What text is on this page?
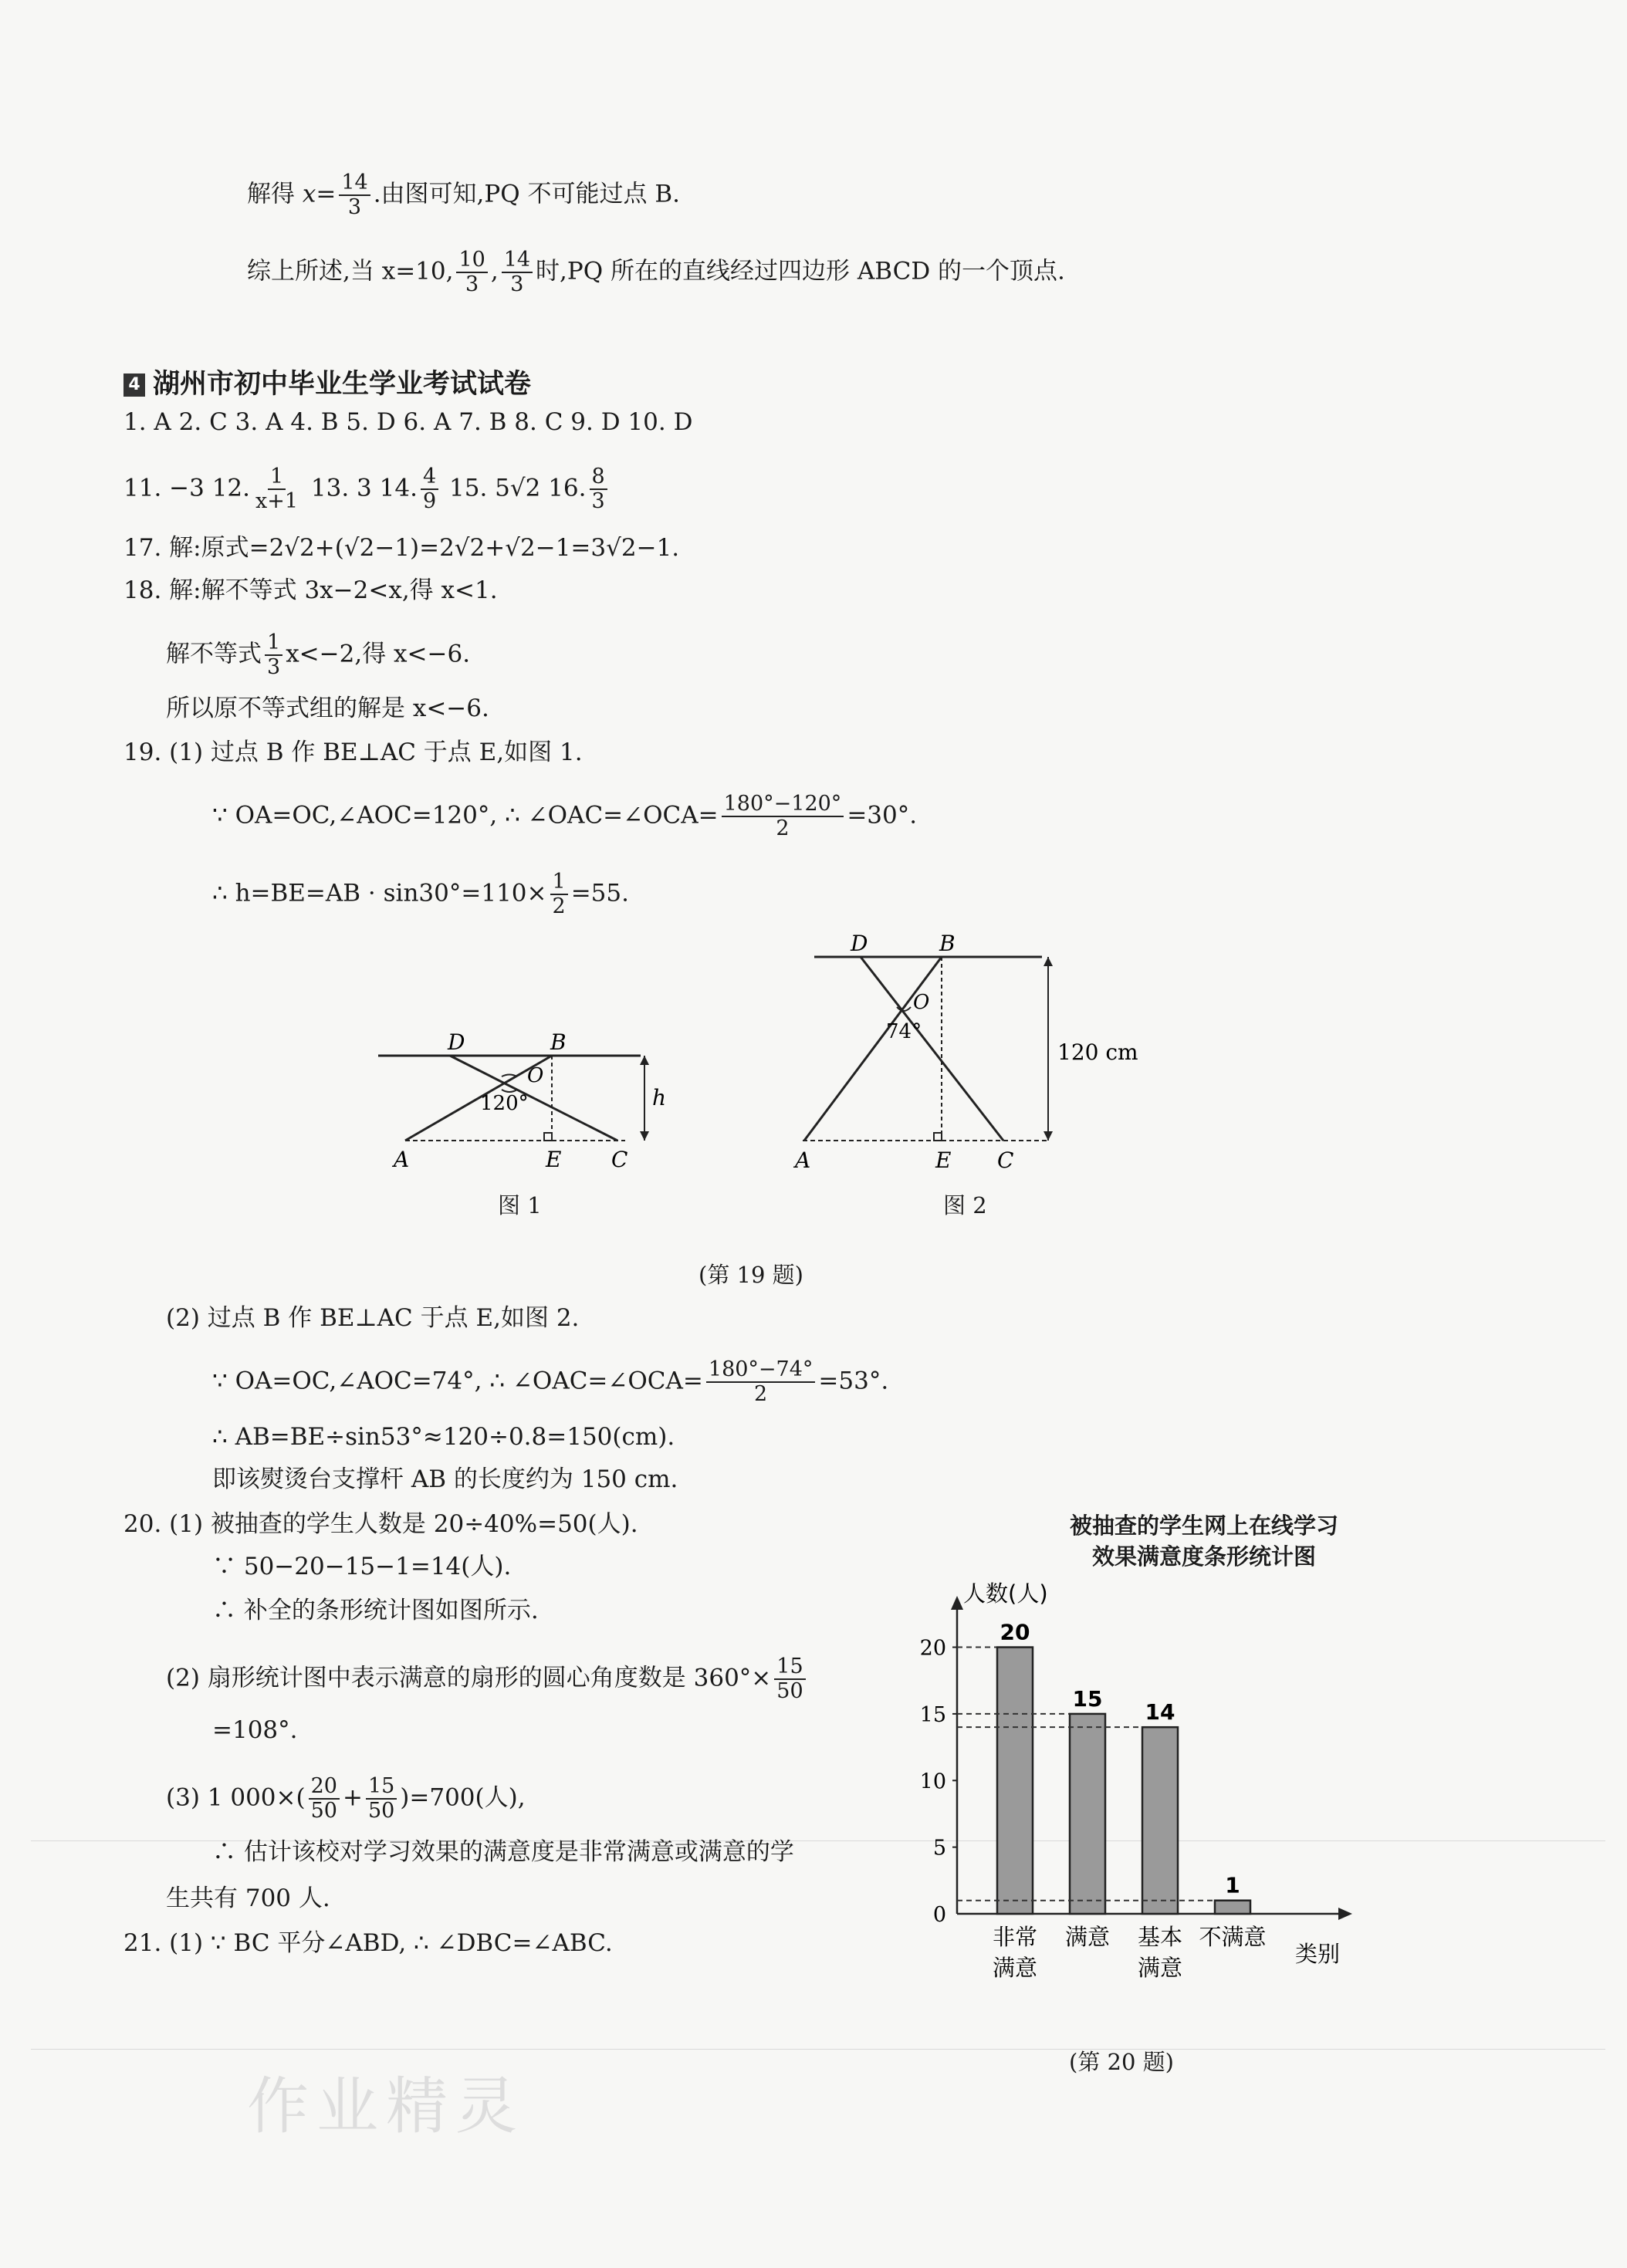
解得 $x= \frac{14}{3}$ .由图可知,PQ 不可能过点 B.
综上所述,当 x=10, $\frac{10}{3}$ , $\frac{14}{3}$ 时,PQ 所在的直线经过四边形 ABCD 的一个顶点.
4 湖州市初中毕业生学业考试试卷
1. A 2. C 3. A 4. B 5. D 6. A 7. B 8. C 9. D 10. D
11. −3 12. $\frac{1}{x+1} 13$. 3 14. $\frac{4}{9} 15$. 5√2 16. $\frac{8}{3}$
17. 解:原式=2√2+(√2−1)=2√2+√2−1=3√2−1.
18. 解:解不等式 3x−2<x,得 x<1.
解不等式 $\frac{1}{3} x<-2$,得 x<−6.
所以原不等式组的解是 x<−6.
19. (1) 过点 B 作 BE⊥AC 于点 E,如图 1.
∵ OA=OC,∠AOC=120°, ∴ ∠OAC=∠OCA= $\frac{180^\circ-120^\circ}{2} =30^\circ$.
∴ $h=BE=AB \cdot \sin 30^\circ=110\times \frac{1}{2} =55$.
D	B
O
120°	h
A	E C
图 1
D	B
O
74°
120 cm
A	E C
图 2
(第 19 题)
(2) 过点 B 作 BE⊥AC 于点 E,如图 2.
∵ OA=OC,∠AOC=74°, ∴ ∠OAC=∠OCA= $\frac{180^\circ-74^\circ}{2} =53^\circ$.
∴ AB=BE÷sin53°≈120÷0.8=150(cm).
即该熨烫台支撑杆 AB 的长度约为 150 cm.
20. (1) 被抽查的学生人数是 20÷40%=50(人).
∵ 50−20−15−1=14(人).
∴ 补全的条形统计图如图所示.
(2) 扇形统计图中表示满意的扇形的圆心角度数是 $360^\circ\times \frac{15}{50}$
=108°.
(3) 1 $000\times( \frac{20}{50} + \frac{15}{50} )=700$(人),
∴ 估计该校对学习效果的满意度是非常满意或满意的学
生共有 700 人.
21. (1) ∵ BC 平分∠ABD, ∴ ∠DBC=∠ABC.
被抽查的学生网上在线学习
效果满意度条形统计图
人数(人)
类别
0
5
10
15
20
20
非常
满意
15
满意
14
基本
满意
1
不满意
(第 20 题)
作业精灵
